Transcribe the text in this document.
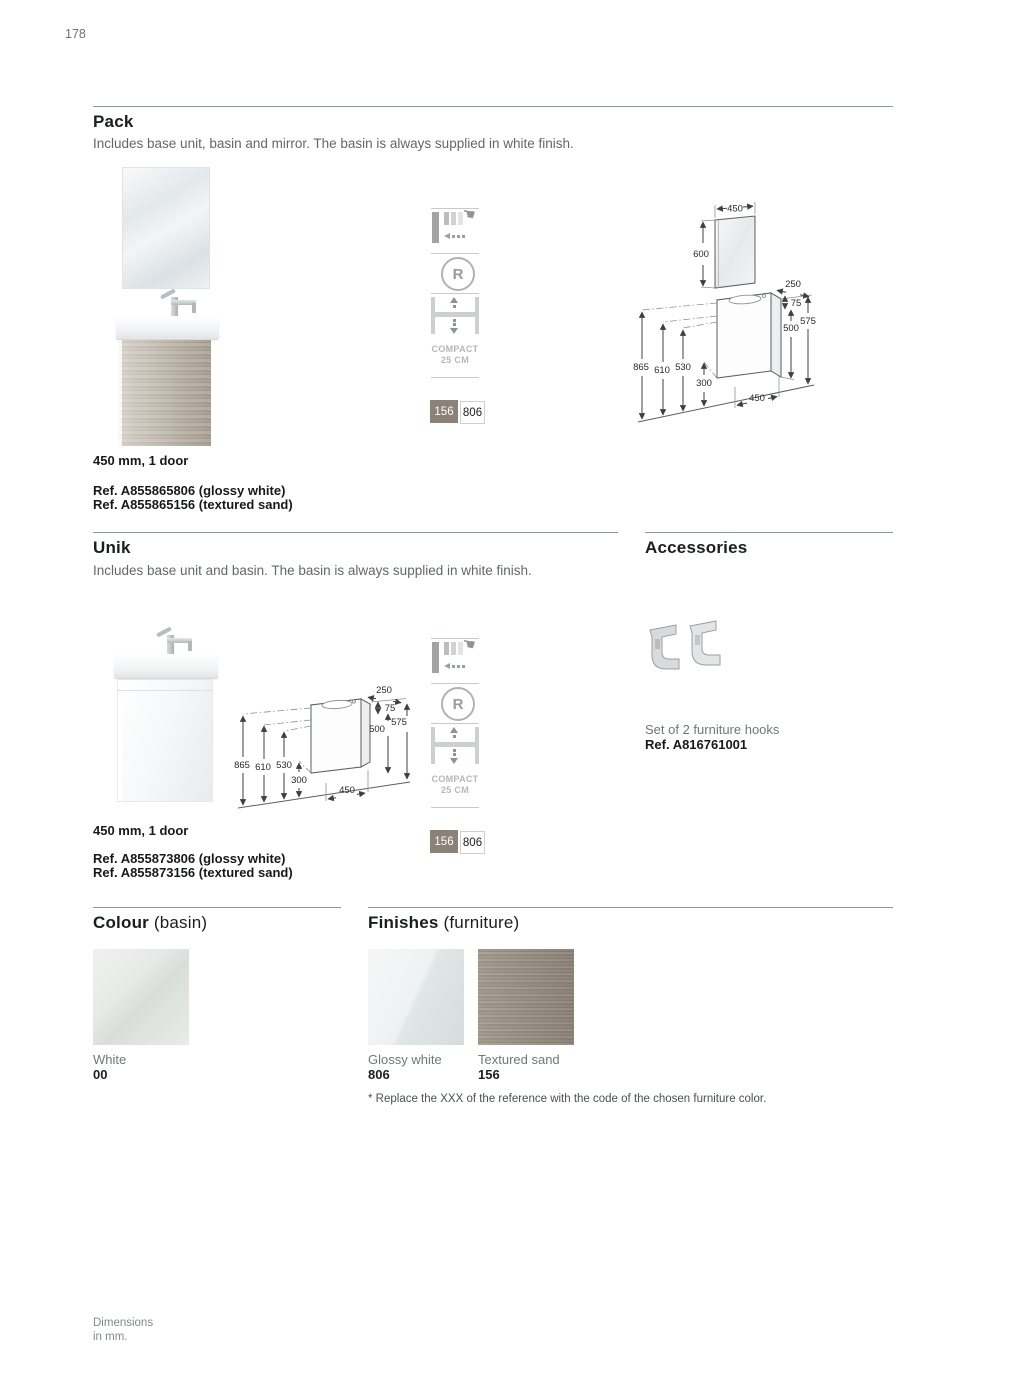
178
Pack
Includes base unit, basin and mirror. The basin is always supplied in white finish.
☚
R
COMPACT
25 CM
156 806
450
600
865 610 530
300
450
250
75
575
500
450 mm, 1 door
Ref. A855865806 (glossy white)
Ref. A855865156 (textured sand)
Unik
Includes base unit and basin. The basin is always supplied in white finish.
Accessories
865 610 530
300
450
250
75
575
500
☚
R
COMPACT
25 CM
156 806
Set of 2 furniture hooks
Ref. A816761001
450 mm, 1 door
Ref. A855873806 (glossy white)
Ref. A855873156 (textured sand)
Colour (basin)	Finishes (furniture)
White
00
Glossy white
806
Textured sand
156
* Replace the XXX of the reference with the code of the chosen furniture color.
Dimensions
in mm.
